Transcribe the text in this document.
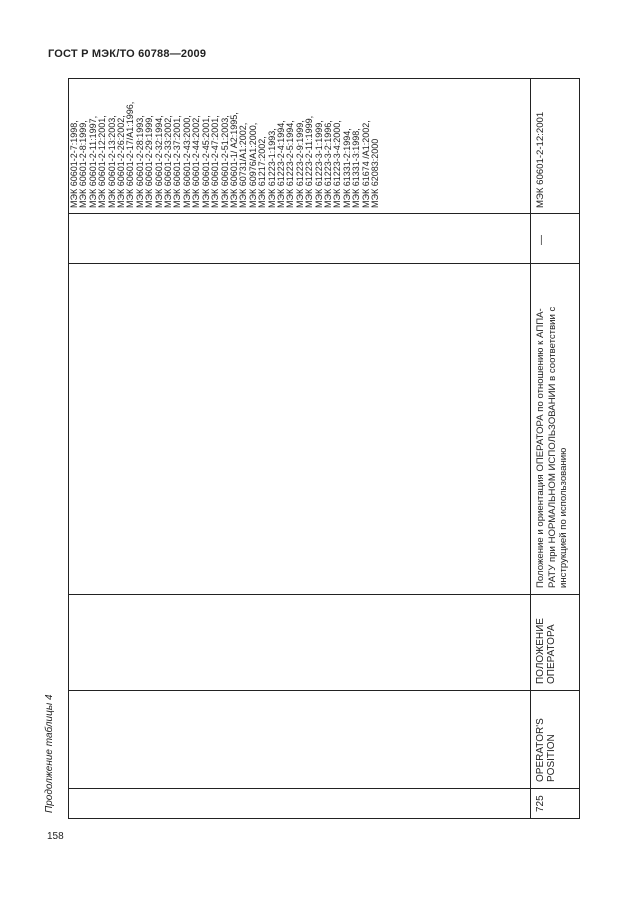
ГОСТ Р МЭК/ТО 60788—2009
Продолжение таблицы 4
158
МЭК 60601-2-7:1998, МЭК 60601-2-8:1999, МЭК 60601-2-11:1997, МЭК 60601-2-12:2001, МЭК 60601-2-13:2003, МЭК 60601-2-26:2002, МЭК 60601-2-17/А1:1996, МЭК 60601-2-28:1993, МЭК 60601-2-29:1999, МЭК 60601-2-32:1994, МЭК 60601-2-33:2002, МЭК 60601-2-37:2001, МЭК 60601-2-43:2000, МЭК 60601-2-44:2002, МЭК 60601-2-45:2001, МЭК 60601-2-47:2001, МЭК 60601-2-51:2003, МЭК 60601-1/ А2:1995, МЭК 60731/А1:2002, МЭК 60976/А1:2000, МЭК 61217:2002, МЭК 61223-1:1993, МЭК 61223-2-4:1994, МЭК 61223-2-5:1994, МЭК 61223-2-9:1999, МЭК 61223-2-11:1999, МЭК 61223-3-1:1999, МЭК 61223-3-2:1996, МЭК 61223-3-4:2000, МЭК 61331-2:1994, МЭК 61331-3:1998, МЭК 61674 /А1:2002, МЭК 62083:2000
725
OPERATOR'S POSITION
ПОЛОЖЕНИЕ ОПЕРАТОРА
Положение и ориентация ОПЕРАТОРА по отношению к АППА- РАТУ при НОРМАЛЬНОМ ИСПОЛЬЗОВАНИИ в соответствии с инструкцией по использованию
—
МЭК 60601-2-12:2001
